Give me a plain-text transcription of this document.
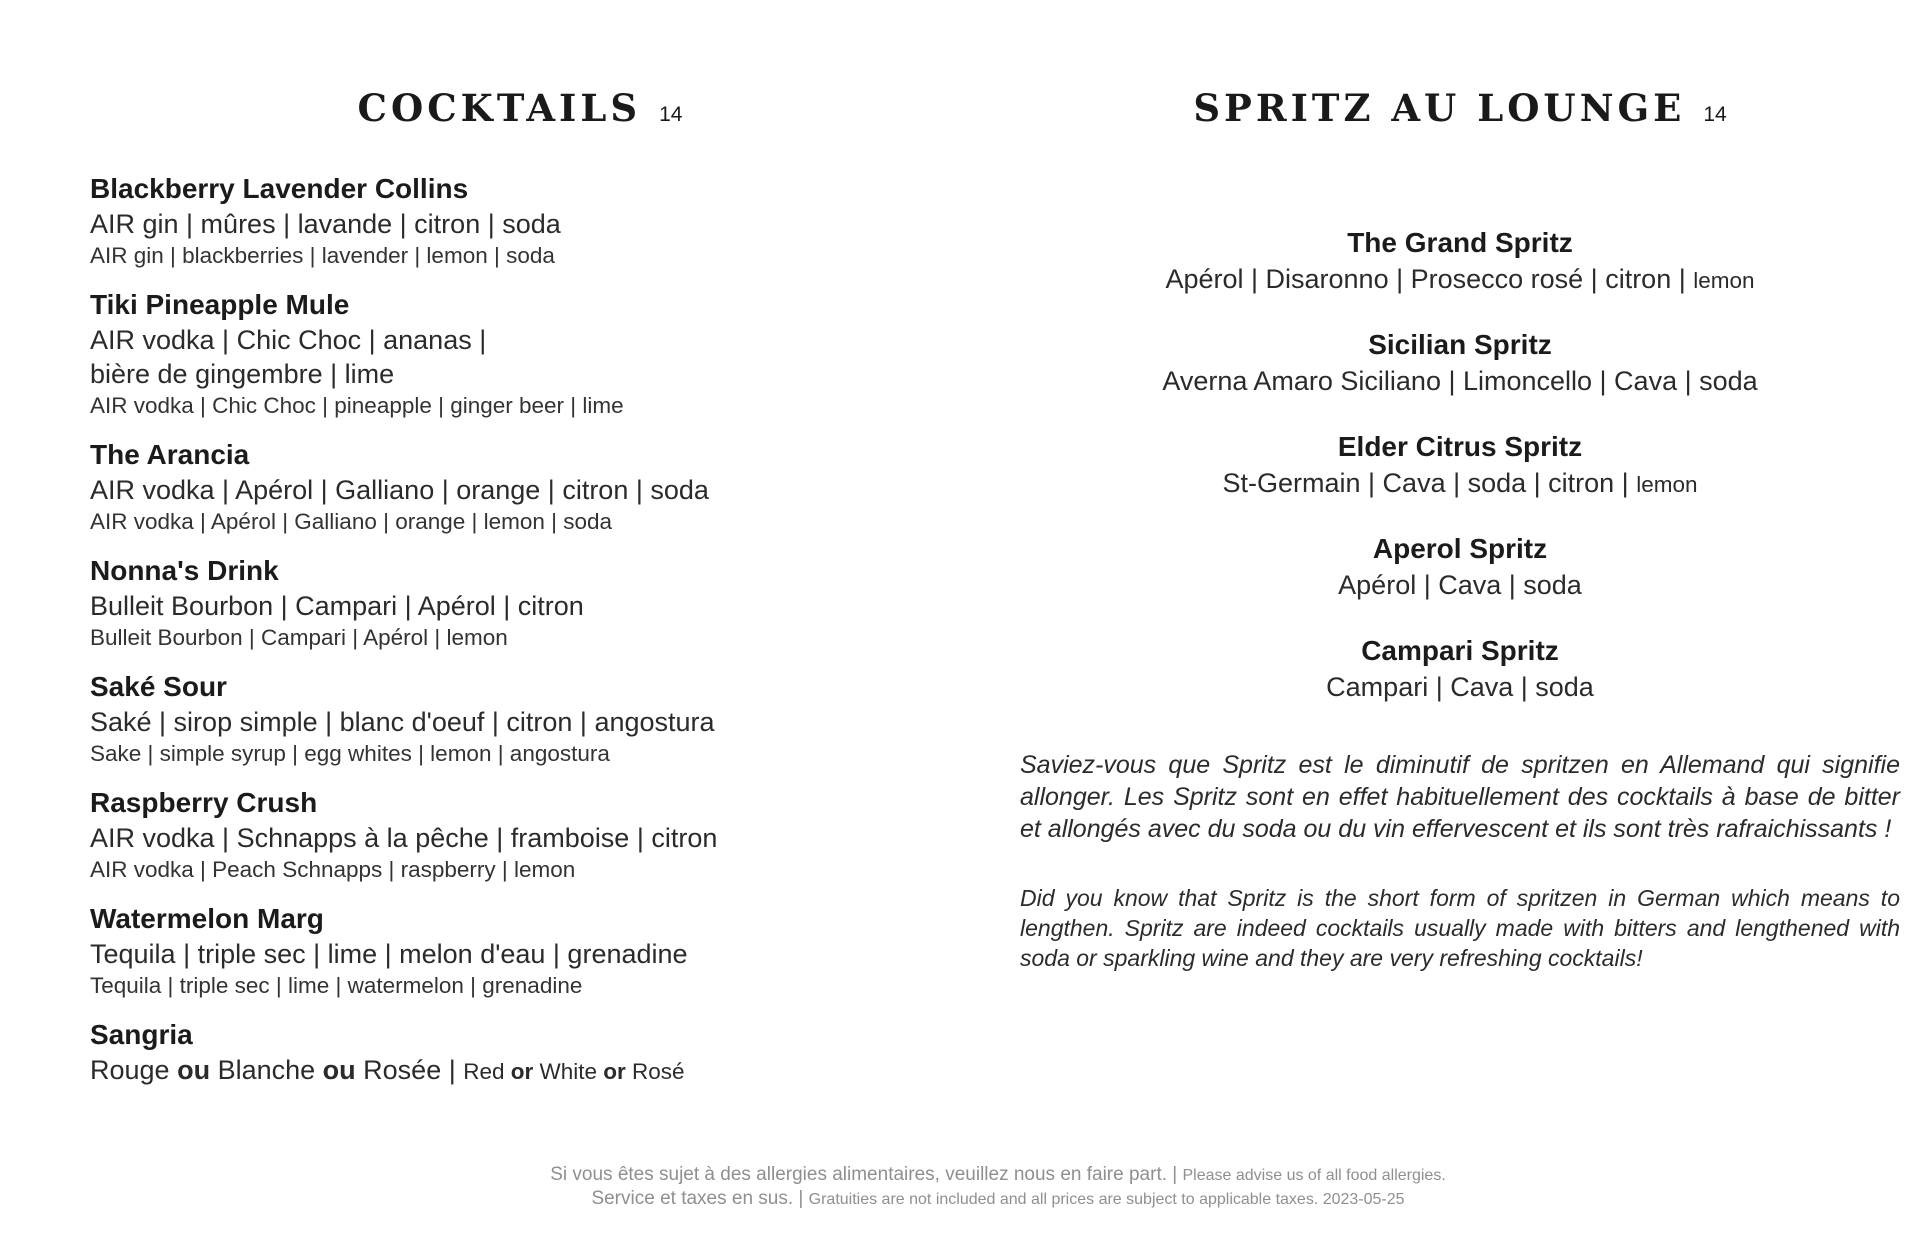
COCKTAILS 14
Blackberry Lavender Collins
AIR gin | mûres | lavande | citron | soda
AIR gin | blackberries | lavender | lemon | soda
Tiki Pineapple Mule
AIR vodka | Chic Choc | ananas |
bière de gingembre | lime
AIR vodka | Chic Choc | pineapple | ginger beer | lime
The Arancia
AIR vodka | Apérol | Galliano | orange | citron | soda
AIR vodka | Apérol | Galliano | orange | lemon | soda
Nonna's Drink
Bulleit Bourbon | Campari | Apérol | citron
Bulleit Bourbon | Campari | Apérol | lemon
Saké Sour
Saké | sirop simple | blanc d'oeuf | citron | angostura
Sake | simple syrup | egg whites | lemon | angostura
Raspberry Crush
AIR vodka | Schnapps à la pêche | framboise | citron
AIR vodka | Peach Schnapps | raspberry | lemon
Watermelon Marg
Tequila | triple sec | lime | melon d'eau | grenadine
Tequila | triple sec | lime | watermelon | grenadine
Sangria
Rouge ou Blanche ou Rosée | Red or White or Rosé
SPRITZ AU LOUNGE 14
The Grand Spritz
Apérol | Disaronno | Prosecco rosé | citron | lemon
Sicilian Spritz
Averna Amaro Siciliano | Limoncello | Cava | soda
Elder Citrus Spritz
St-Germain | Cava | soda | citron | lemon
Aperol Spritz
Apérol | Cava | soda
Campari Spritz
Campari | Cava | soda

Saviez-vous que Spritz est le diminutif de spritzen en Allemand qui signifie allonger. Les Spritz sont en effet habituellement des cocktails à base de bitter et allongés avec du soda ou du vin effervescent et ils sont très rafraichissants !

Did you know that Spritz is the short form of spritzen in German which means to lengthen. Spritz are indeed cocktails usually made with bitters and lengthened with soda or sparkling wine and they are very refreshing cocktails!

Si vous êtes sujet à des allergies alimentaires, veuillez nous en faire part. | Please advise us of all food allergies.
Service et taxes en sus. | Gratuities are not included and all prices are subject to applicable taxes. 2023-05-25
